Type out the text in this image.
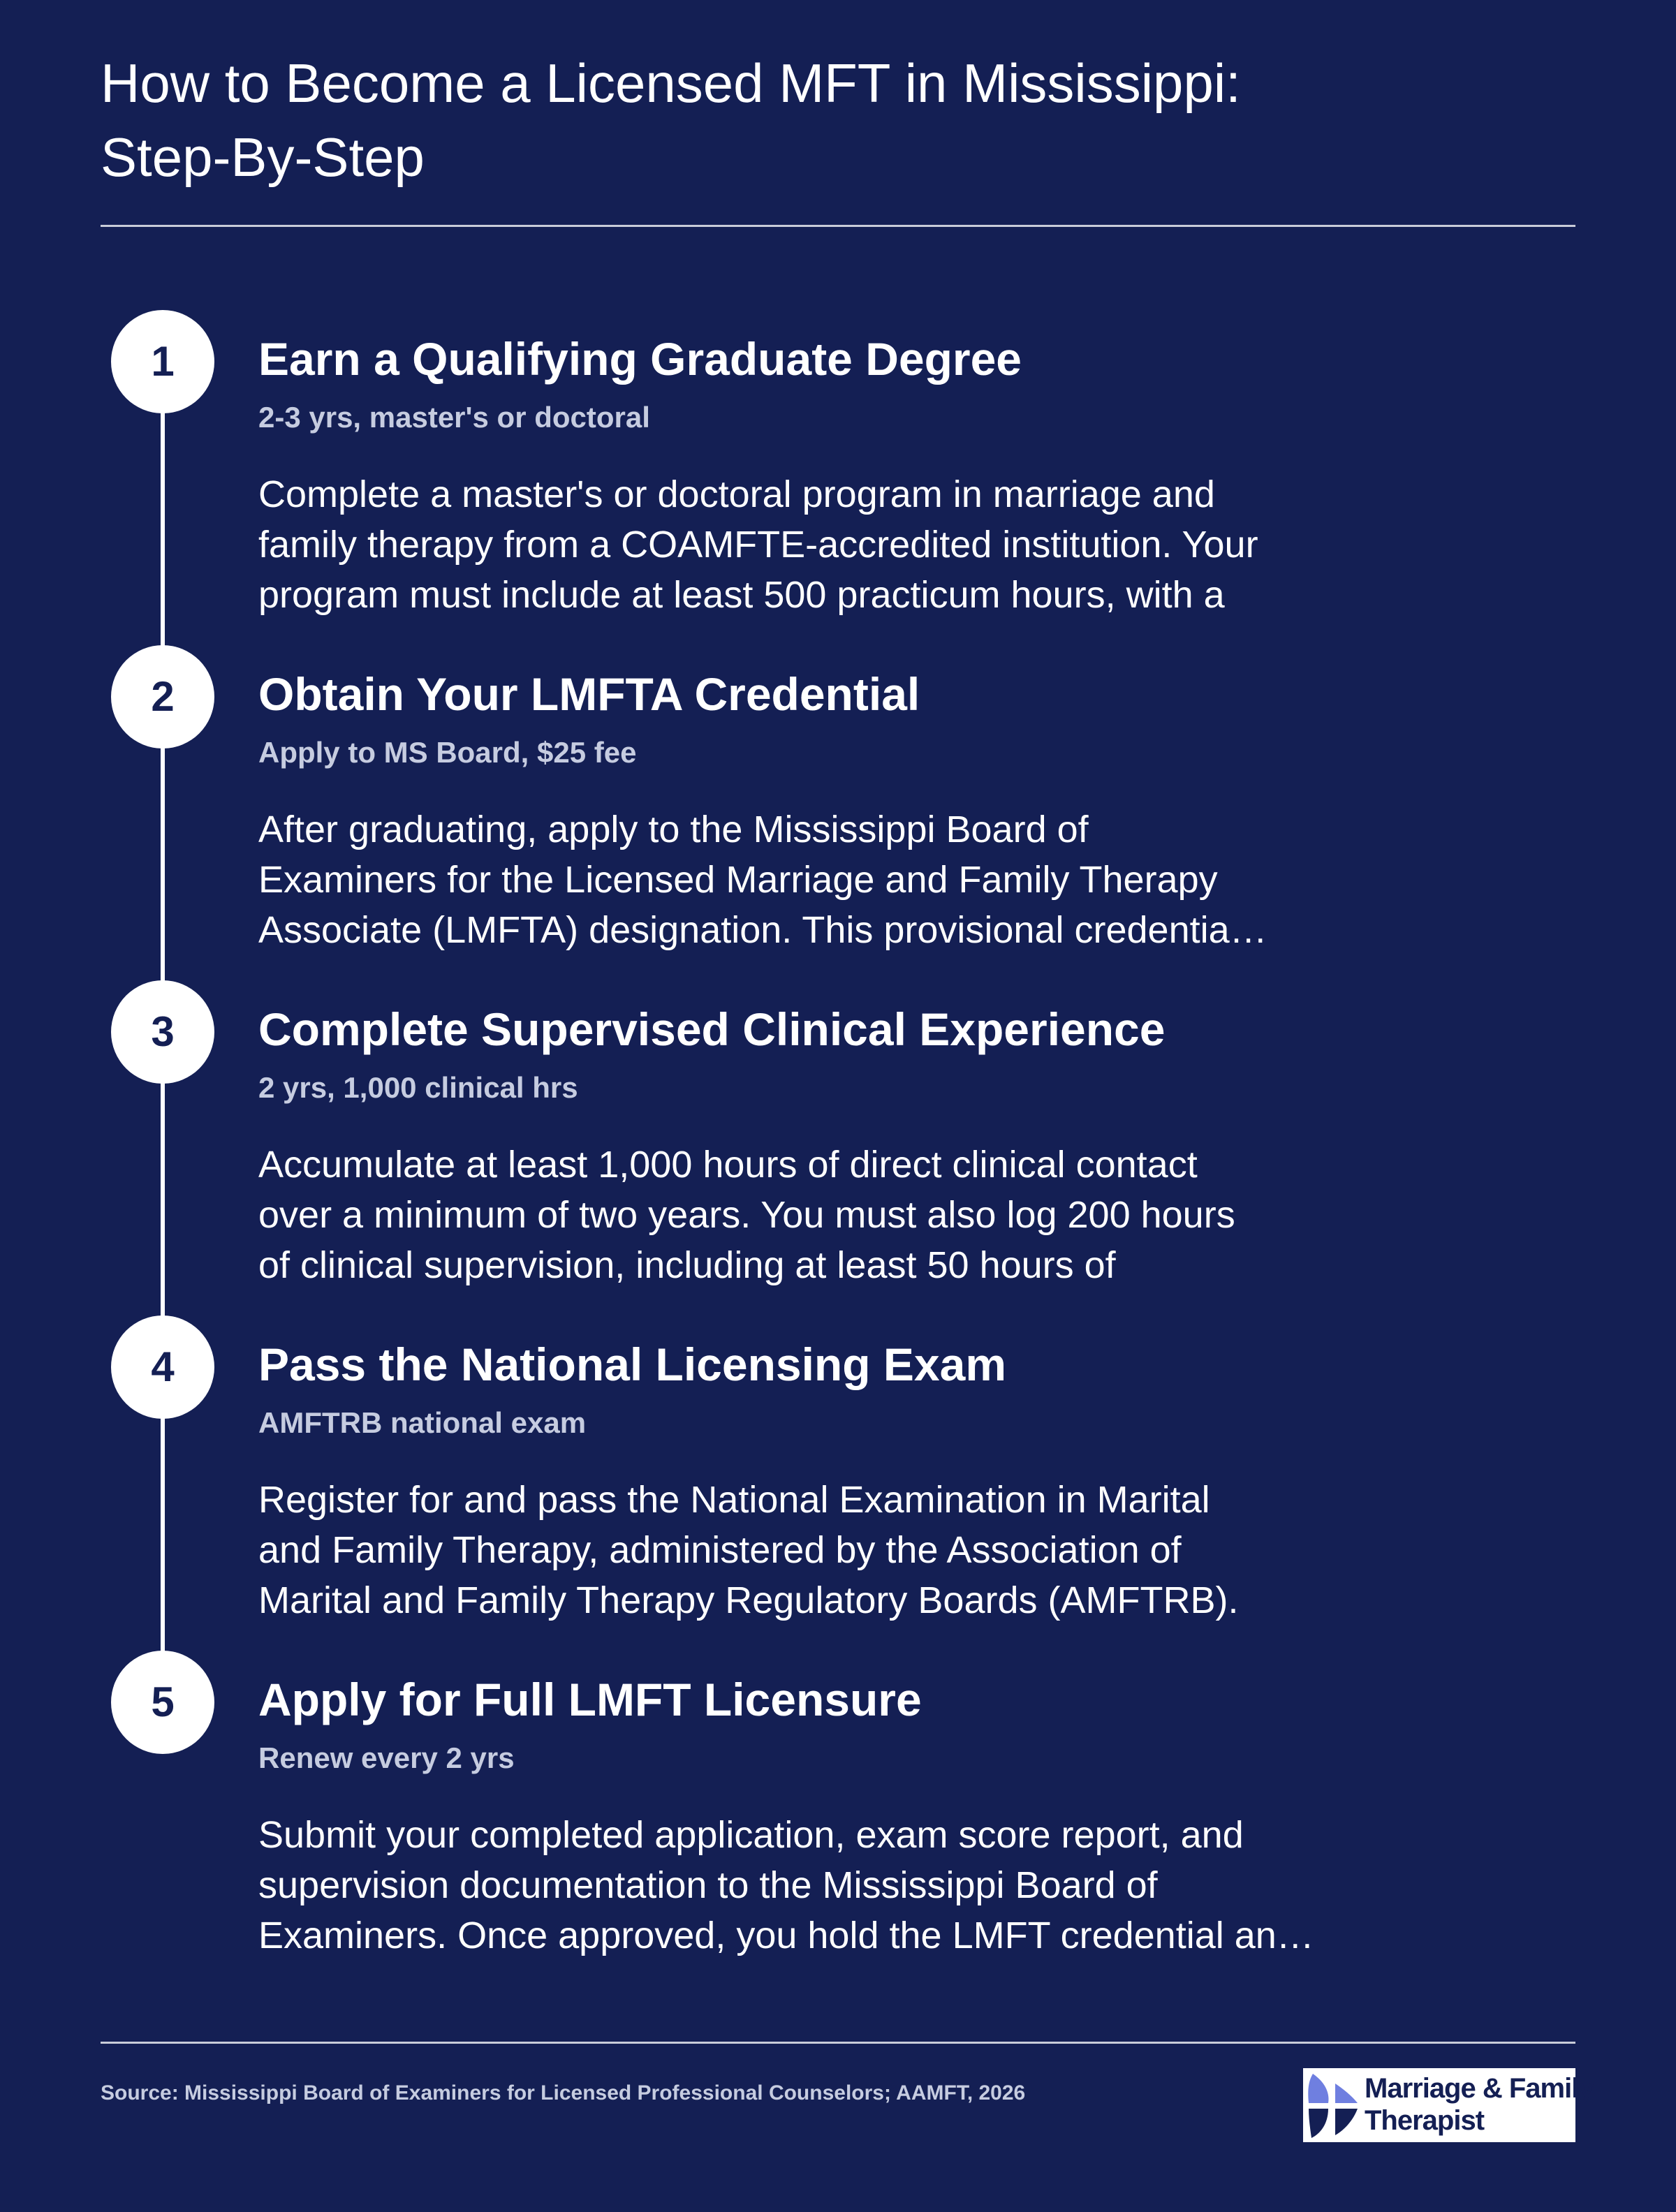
How to Become a Licensed MFT in Mississippi:
Step-By-Step
1	Earn a Qualifying Graduate Degree
2-3 yrs, master's or doctoral

Complete a master's or doctoral program in marriage and
family therapy from a COAMFTE-accredited institution. Your
program must include at least 500 practicum hours, with a

2	Obtain Your LMFTA Credential
Apply to MS Board, $25 fee

After graduating, apply to the Mississippi Board of
Examiners for the Licensed Marriage and Family Therapy
Associate (LMFTA) designation. This provisional credentia…

3	Complete Supervised Clinical Experience
2 yrs, 1,000 clinical hrs

Accumulate at least 1,000 hours of direct clinical contact
over a minimum of two years. You must also log 200 hours
of clinical supervision, including at least 50 hours of

4	Pass the National Licensing Exam
AMFTRB national exam

Register for and pass the National Examination in Marital
and Family Therapy, administered by the Association of
Marital and Family Therapy Regulatory Boards (AMFTRB).

5	Apply for Full LMFT Licensure
Renew every 2 yrs

Submit your completed application, exam score report, and
supervision documentation to the Mississippi Board of
Examiners. Once approved, you hold the LMFT credential an…

Source: Mississippi Board of Examiners for Licensed Professional Counselors; AAMFT, 2026	Marriage & Family
Therapist
